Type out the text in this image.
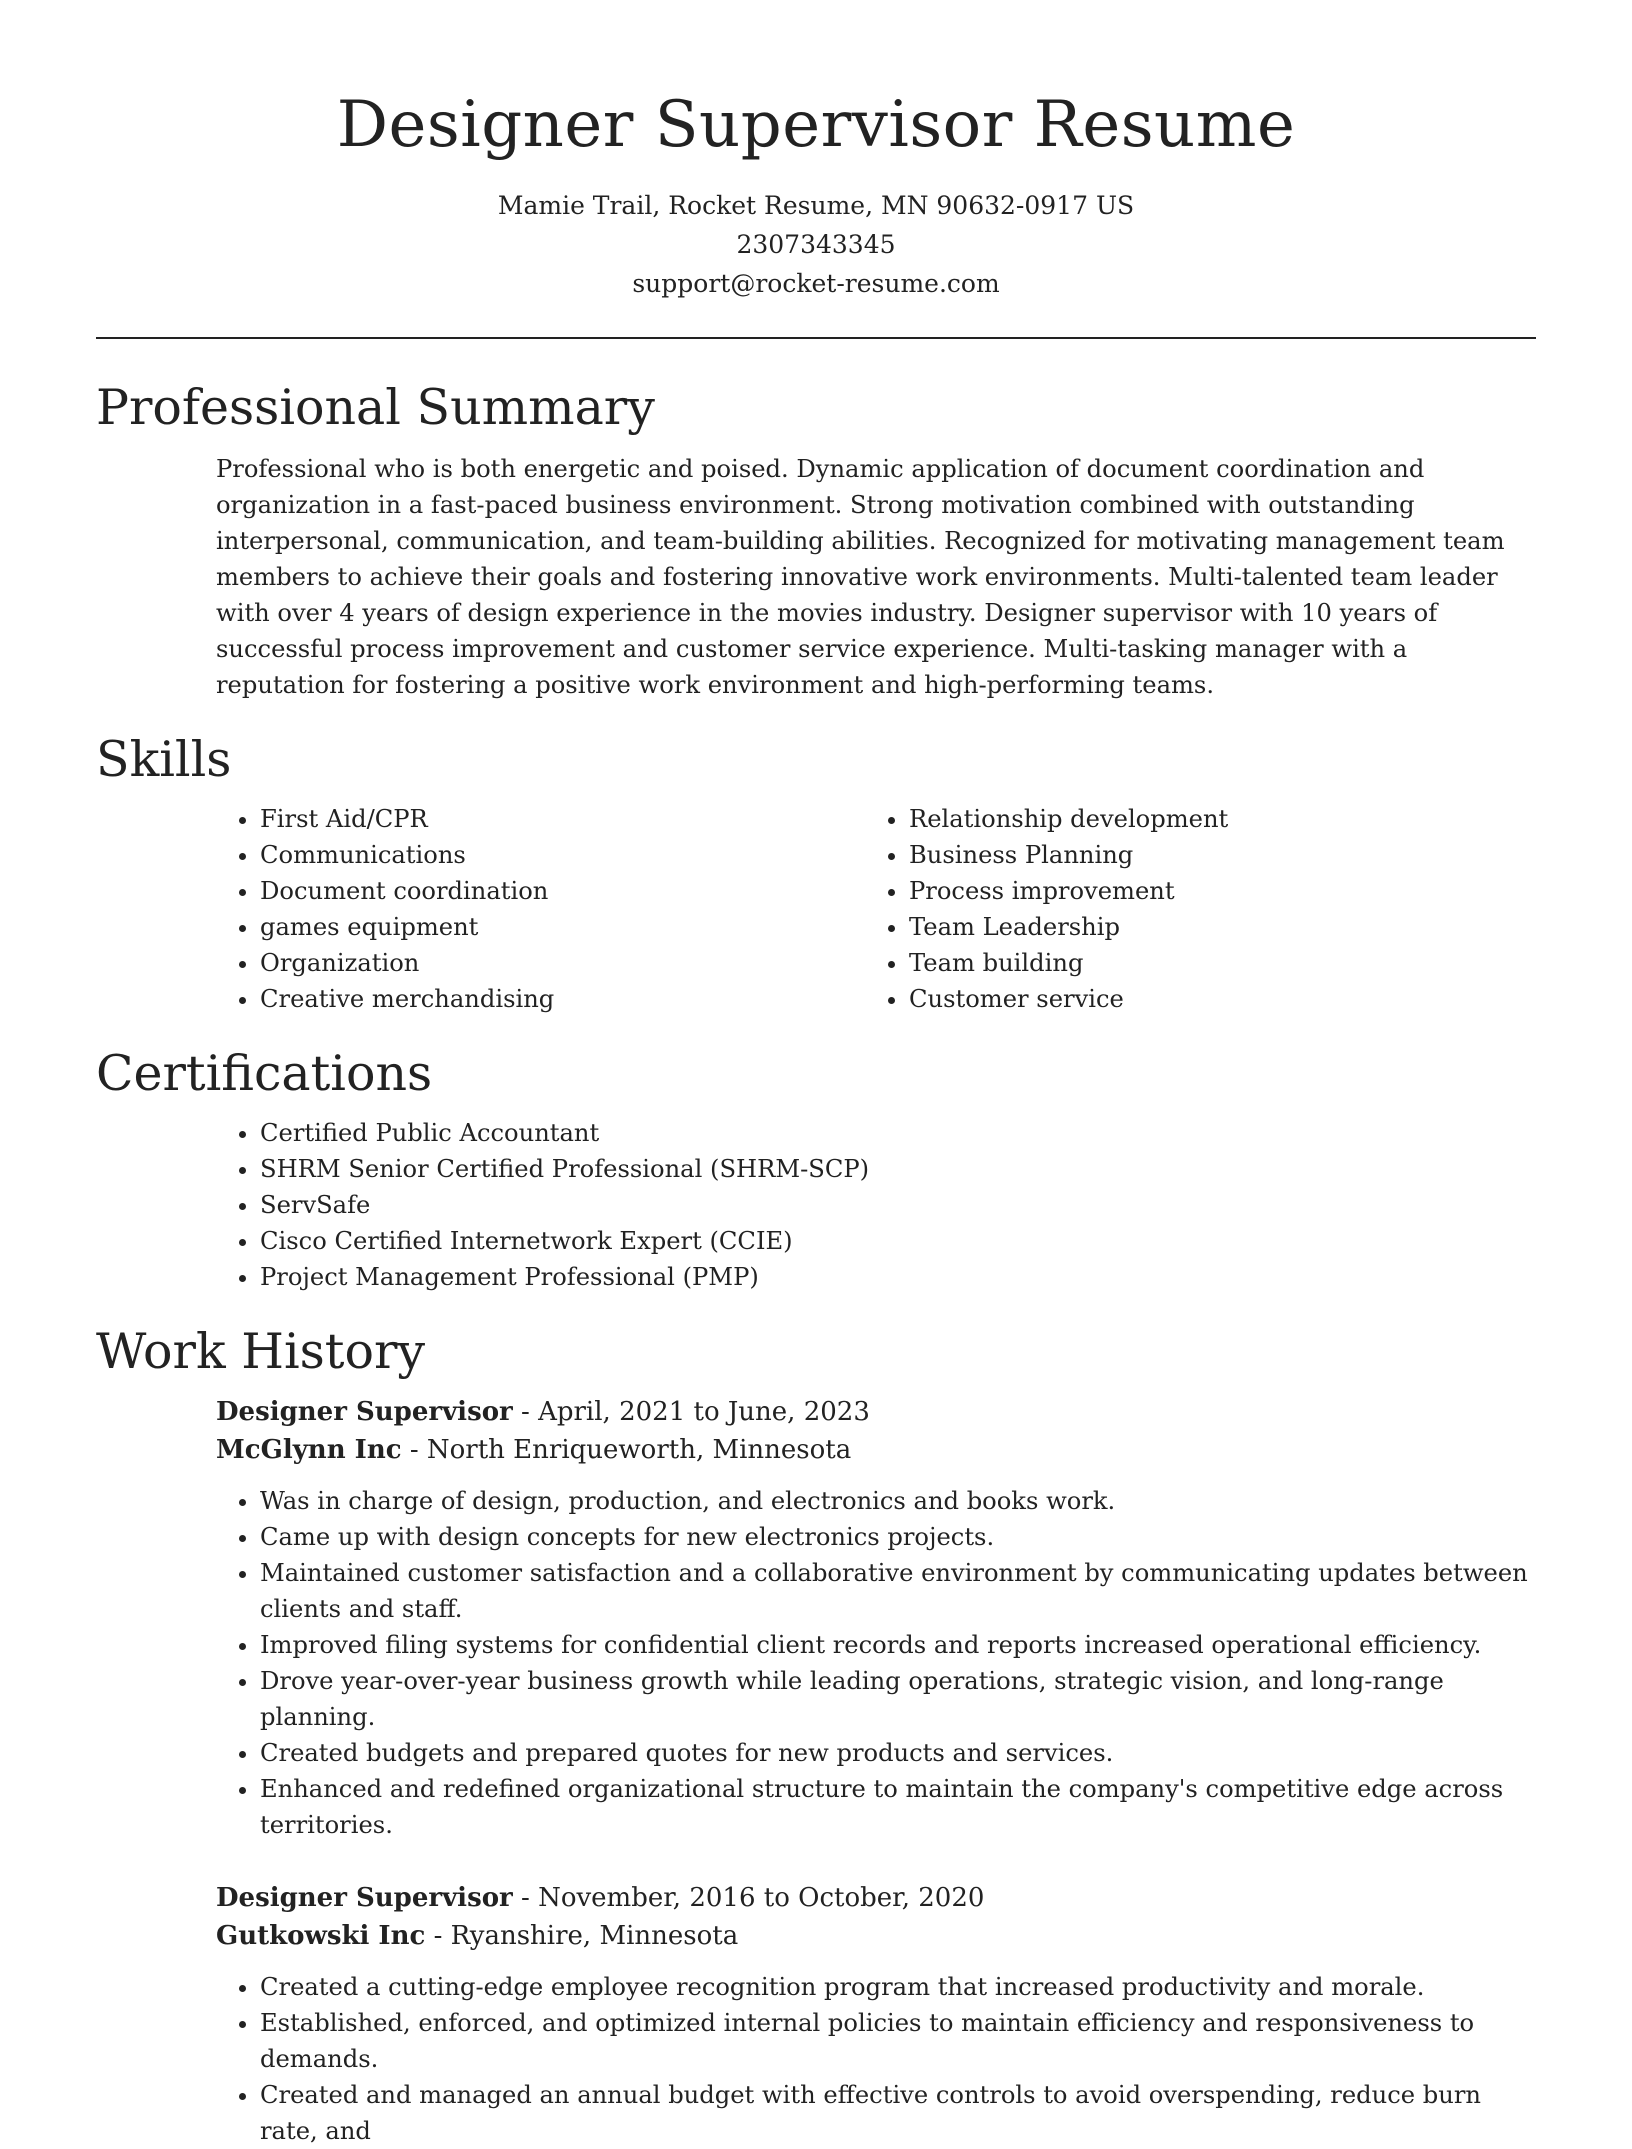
Designer Supervisor Resume
Mamie Trail, Rocket Resume, MN 90632-0917 US
2307343345
support@rocket-resume.com
Professional Summary
Professional who is both energetic and poised. Dynamic application of document coordination and organization in a fast-paced business environment. Strong motivation combined with outstanding interpersonal, communication, and team-building abilities. Recognized for motivating management team members to achieve their goals and fostering innovative work environments. Multi-talented team leader with over 4 years of design experience in the movies industry. Designer supervisor with 10 years of successful process improvement and customer service experience. Multi-tasking manager with a reputation for fostering a positive work environment and high-performing teams.
Skills
• First Aid/CPR
• Communications
• Document coordination
• games equipment
• Organization
• Creative merchandising
• Relationship development
• Business Planning
• Process improvement
• Team Leadership
• Team building
• Customer service
Certifications
• Certified Public Accountant
• SHRM Senior Certified Professional (SHRM-SCP)
• ServSafe
• Cisco Certified Internetwork Expert (CCIE)
• Project Management Professional (PMP)
Work History
Designer Supervisor - April, 2021 to June, 2023
McGlynn Inc - North Enriqueworth, Minnesota
• Was in charge of design, production, and electronics and books work.
• Came up with design concepts for new electronics projects.
• Maintained customer satisfaction and a collaborative environment by communicating updates between clients and staff.
• Improved filing systems for confidential client records and reports increased operational efficiency.
• Drove year-over-year business growth while leading operations, strategic vision, and long-range planning.
• Created budgets and prepared quotes for new products and services.
• Enhanced and redefined organizational structure to maintain the company's competitive edge across territories.
Designer Supervisor - November, 2016 to October, 2020
Gutkowski Inc - Ryanshire, Minnesota
• Created a cutting-edge employee recognition program that increased productivity and morale.
• Established, enforced, and optimized internal policies to maintain efficiency and responsiveness to demands.
• Created and managed an annual budget with effective controls to avoid overspending, reduce burn rate, and
